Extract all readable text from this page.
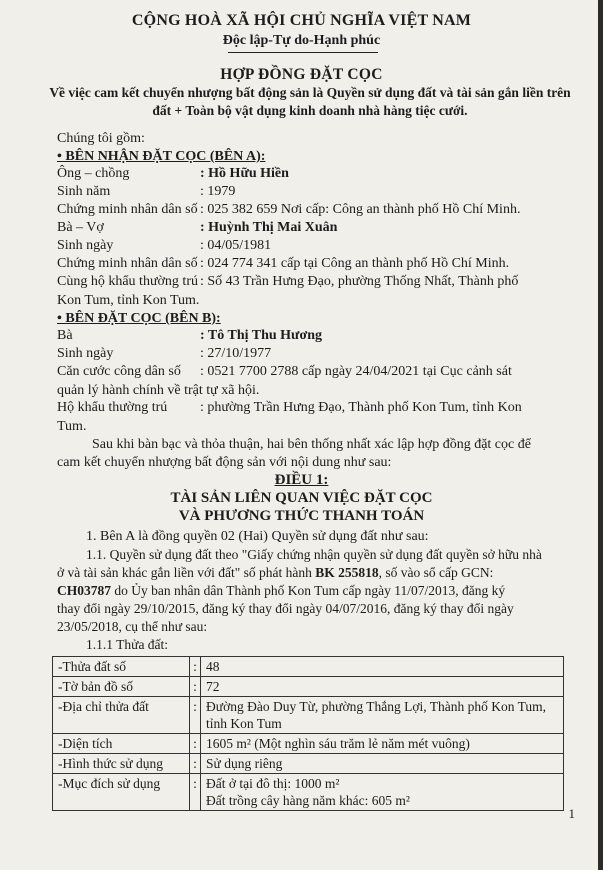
CỘNG HOÀ XÃ HỘI CHỦ NGHĨA VIỆT NAM
Độc lập-Tự do-Hạnh phúc
HỢP ĐỒNG ĐẶT CỌC
Về việc cam kết chuyển nhượng bất động sản là Quyền sử dụng đất và tài sản gắn liền trên đất + Toàn bộ vật dụng kinh doanh nhà hàng tiệc cưới.
Chúng tôi gồm:
• BÊN NHẬN ĐẶT CỌC (BÊN A):
Ông – chồng	: Hồ Hữu Hiền
Sinh năm	: 1979
Chứng minh nhân dân số : 025 382 659 Nơi cấp: Công an thành phố Hồ Chí Minh.
Bà – Vợ	: Huỳnh Thị Mai Xuân
Sinh ngày	: 04/05/1981
Chứng minh nhân dân số : 024 774 341 cấp tại Công an thành phố Hồ Chí Minh.
Cùng hộ khẩu thường trú : Số 43 Trần Hưng Đạo, phường Thống Nhất, Thành phố
Kon Tum, tỉnh Kon Tum.
• BÊN ĐẶT CỌC (BÊN B):
Bà	: Tô Thị Thu Hương
Sinh ngày	: 27/10/1977
Căn cước công dân số : 0521 7700 2788 cấp ngày 24/04/2021 tại Cục cảnh sát
quản lý hành chính về trật tự xã hội.
Hộ khẩu thường trú : phường Trần Hưng Đạo, Thành phố Kon Tum, tỉnh Kon
Tum.
Sau khi bàn bạc và thỏa thuận, hai bên thống nhất xác lập hợp đồng đặt cọc để
cam kết chuyển nhượng bất động sản với nội dung như sau:
ĐIỀU 1:
TÀI SẢN LIÊN QUAN VIỆC ĐẶT CỌC
VÀ PHƯƠNG THỨC THANH TOÁN
1. Bên A là đồng quyền 02 (Hai) Quyền sử dụng đất như sau:
1.1. Quyền sử dụng đất theo "Giấy chứng nhận quyền sử dụng đất quyền sở hữu nhà
ở và tài sản khác gắn liền với đất" số phát hành BK 255818, số vào sổ cấp GCN:
CH03787 do Ủy ban nhân dân Thành phố Kon Tum cấp ngày 11/07/2013, đăng ký
thay đổi ngày 29/10/2015, đăng ký thay đổi ngày 04/07/2016, đăng ký thay đổi ngày
23/05/2018, cụ thể như sau:
1.1.1 Thửa đất:
-Thửa đất số	:	48

-Tờ bản đồ số	:	72

-Địa chỉ thửa đất	:	Đường Đào Duy Từ, phường Thắng Lợi, Thành phố Kon Tum, tỉnh Kon Tum

-Diện tích	:	1605 m² (Một nghìn sáu trăm lẻ năm mét vuông)

-Hình thức sử dụng	:	Sử dụng riêng

-Mục đích sử dụng	:	Đất ở tại đô thị: 1000 m²
Đất trồng cây hàng năm khác: 605 m²
1
